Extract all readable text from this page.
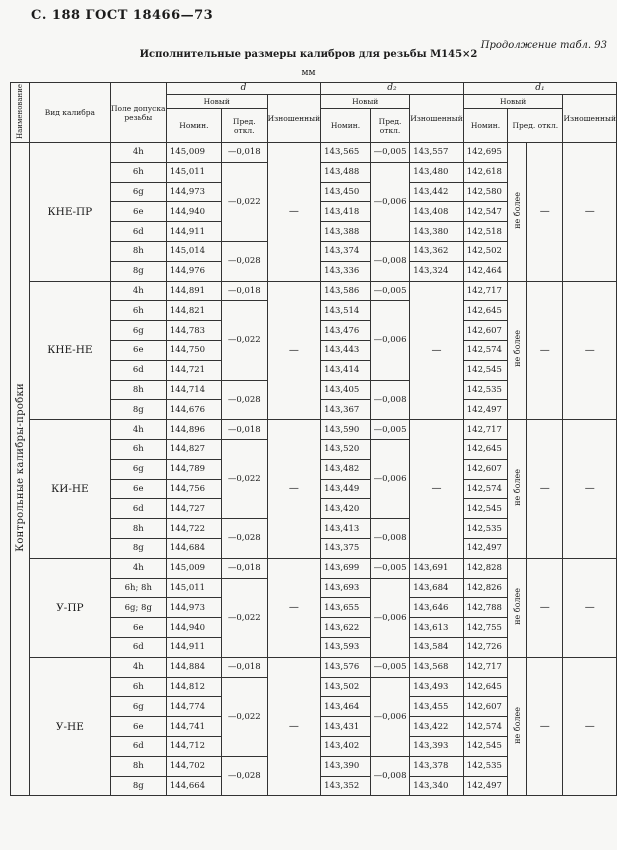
С. 188 ГОСТ 18466—73
Продолжение табл. 93
Исполнительные размеры калибров для резьбы М145×2
мм
Наименование	Вид калибра	Поле допуска резьбы	d			d₂			d₁			
			Новый		Изношенный	Новый		Изношенный	Новый			Изношенный
			Номин.	Пред. откл.		Номин.	Пред. откл.		Номин.	Пред. откл.		
Контрольные калибры-пробки	КНЕ-ПР	4h	145,009	—0,018	—	143,565	—0,005	143,557	142,695	не более	—	—
		6h	145,011	—0,022		143,488	—0,006	143,480	142,618			
		6g	144,973			143,450		143,442	142,580			
		6e	144,940			143,418		143,408	142,547			
		6d	144,911			143,388		143,380	142,518			
		8h	145,014	—0,028		143,374	—0,008	143,362	142,502			
		8g	144,976			143,336		143,324	142,464			
	КНЕ-НЕ	4h	144,891	—0,018	—	143,586	—0,005	—	142,717	не более	—	—
		6h	144,821	—0,022		143,514	—0,006		142,645			
		6g	144,783			143,476			142,607			
		6e	144,750			143,443			142,574			
		6d	144,721			143,414			142,545			
		8h	144,714	—0,028		143,405	—0,008		142,535			
		8g	144,676			143,367			142,497			
	КИ-НЕ	4h	144,896	—0,018	—	143,590	—0,005	—	142,717	не более	—	—
		6h	144,827	—0,022		143,520	—0,006		142,645			
		6g	144,789			143,482			142,607			
		6e	144,756			143,449			142,574			
		6d	144,727			143,420			142,545			
		8h	144,722	—0,028		143,413	—0,008		142,535			
		8g	144,684			143,375			142,497			
	У-ПР	4h	145,009	—0,018	—	143,699	—0,005	143,691	142,828	не более	—	—
		6h; 8h	145,011	—0,022		143,693	—0,006	143,684	142,826			
		6g; 8g	144,973			143,655		143,646	142,788			
		6e	144,940			143,622		143,613	142,755			
		6d	144,911			143,593		143,584	142,726			
	У-НЕ	4h	144,884	—0,018	—	143,576	—0,005	143,568	142,717	не более	—	—
		6h	144,812	—0,022		143,502	—0,006	143,493	142,645			
		6g	144,774			143,464		143,455	142,607			
		6e	144,741			143,431		143,422	142,574			
		6d	144,712			143,402		143,393	142,545			
		8h	144,702	—0,028		143,390	—0,008	143,378	142,535			
		8g	144,664			143,352		143,340	142,497			
